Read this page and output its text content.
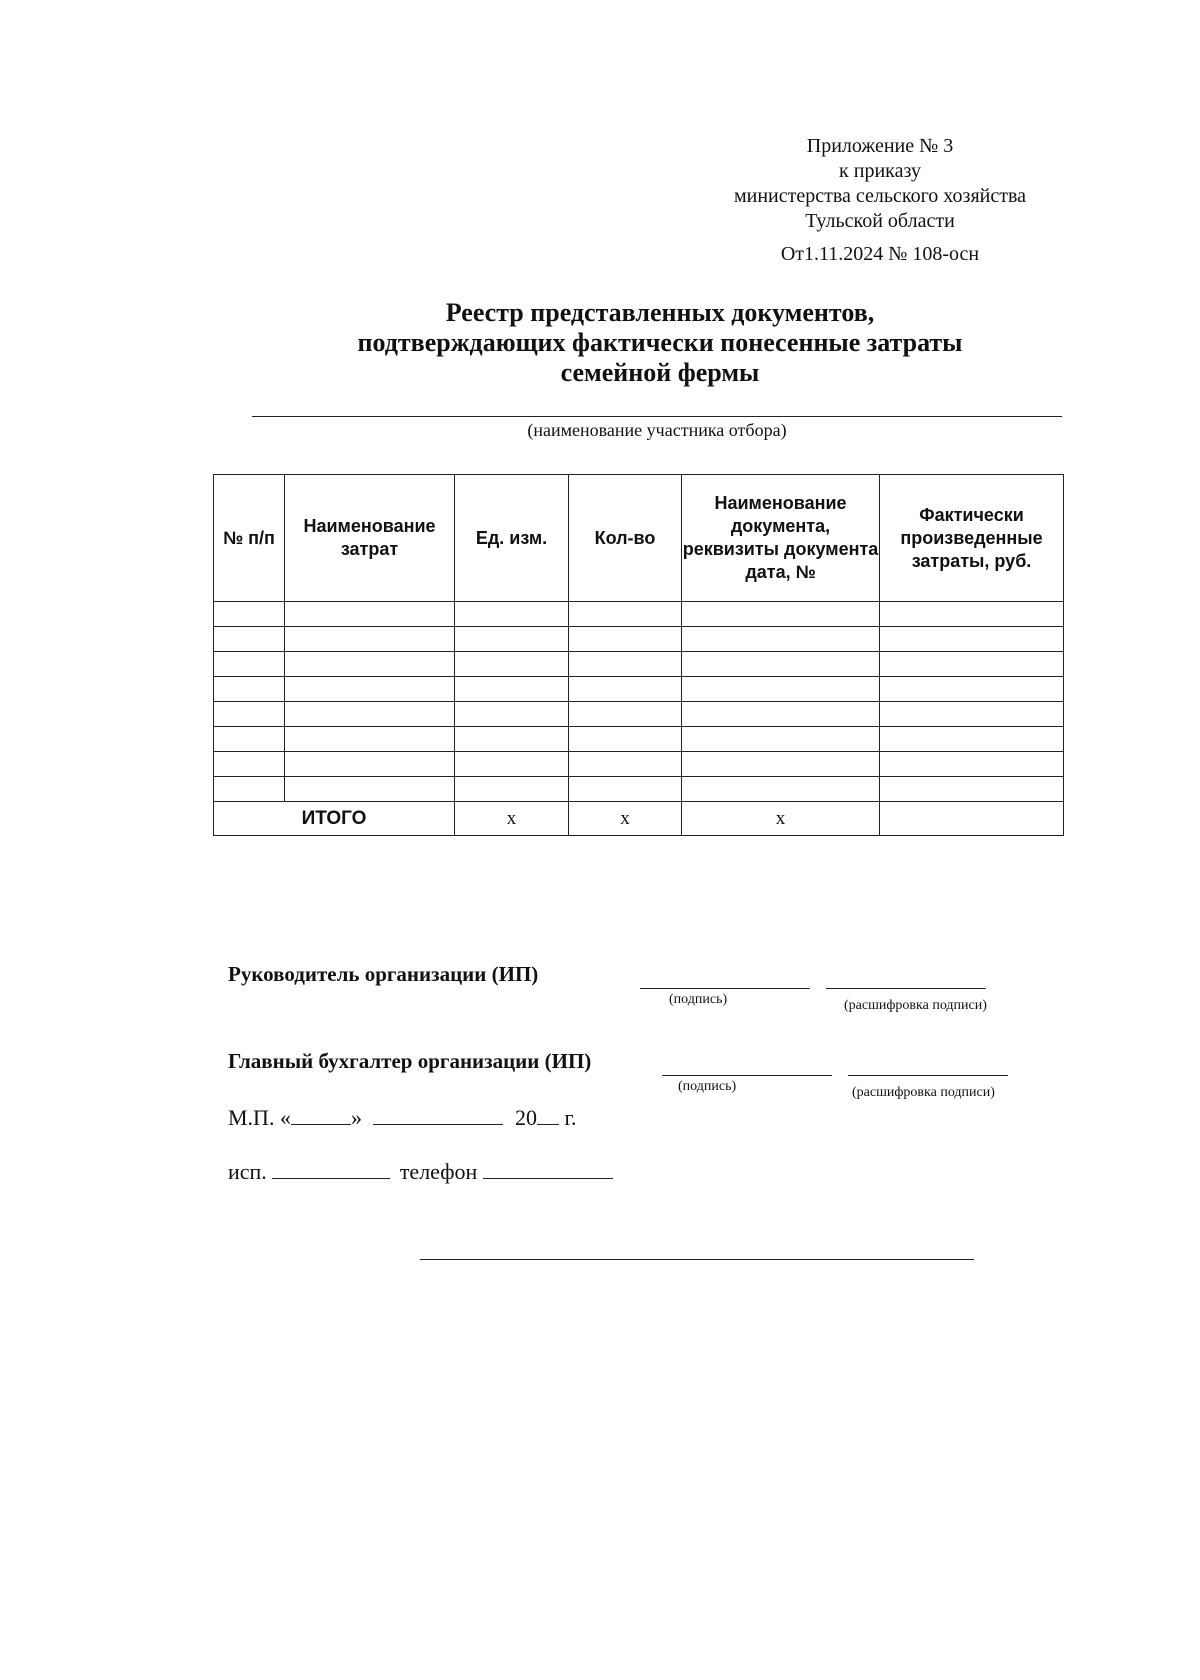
Приложение № 3
к приказу
министерства сельского хозяйства
Тульской области
От1.11.2024 № 108-осн
Реестр представленных документов,
подтверждающих фактически понесенные затраты
семейной фермы
(наименование участника отбора)
№ п/п	Наименование затрат	Ед. изм.	Кол-во	Наименование документа, реквизиты документа дата, №	Фактически произведенные затраты, руб.

ИТОГО		x	x	x	
Руководитель организации (ИП)
(подпись)	(расшифровка подписи)
Главный бухгалтер организации (ИП)
(подпись)	(расшифровка подписи)
М.П. «	»	20 г.
исп.	телефон
